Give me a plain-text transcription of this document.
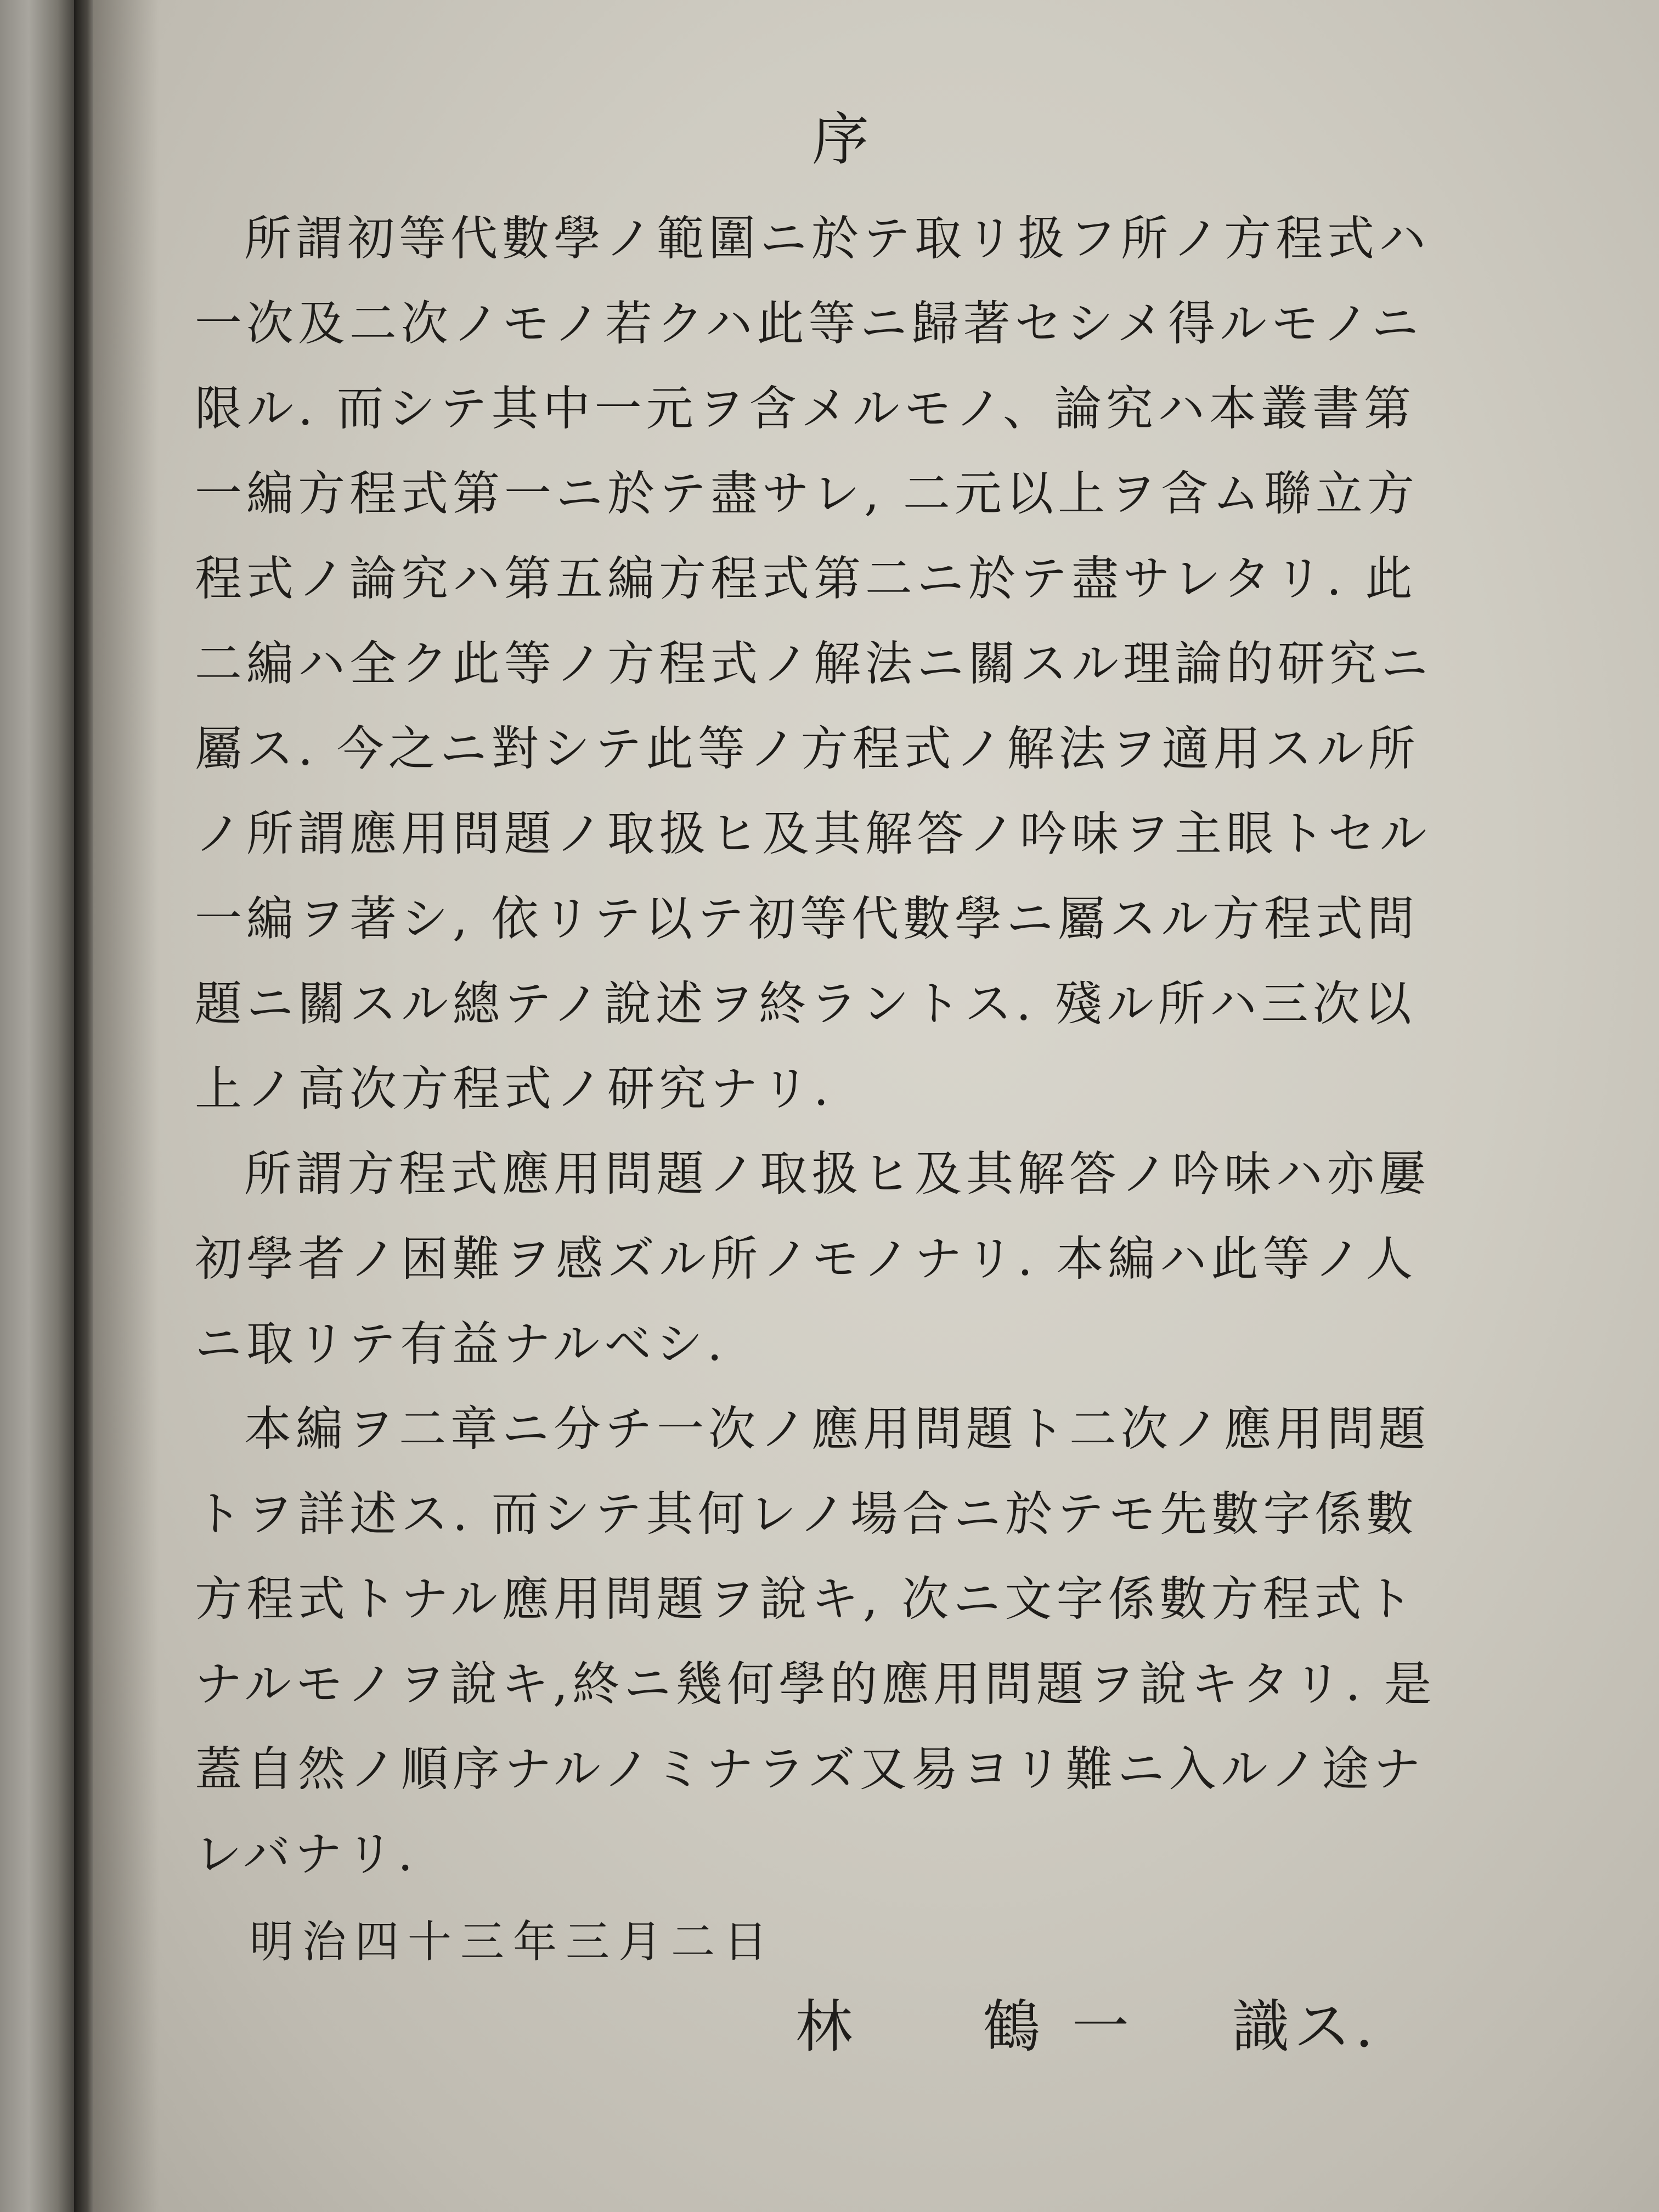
序
所謂初等代數學ノ範圍ニ於テ取リ扱フ所ノ方程式ハ
一次及二次ノモノ若クハ此等ニ歸著セシメ得ルモノニ
限ル. 而シテ其中一元ヲ含メルモノ、論究ハ本叢書第
一編方程式第一ニ於テ盡サレ, 二元以上ヲ含ム聯立方
程式ノ論究ハ第五編方程式第二ニ於テ盡サレタリ. 此
二編ハ全ク此等ノ方程式ノ解法ニ關スル理論的研究ニ
屬ス. 今之ニ對シテ此等ノ方程式ノ解法ヲ適用スル所
ノ所謂應用問題ノ取扱ヒ及其解答ノ吟味ヲ主眼トセル
一編ヲ著シ, 依リテ以テ初等代數學ニ屬スル方程式問
題ニ關スル總テノ說述ヲ終ラントス. 殘ル所ハ三次以
上ノ高次方程式ノ研究ナリ.
所謂方程式應用問題ノ取扱ヒ及其解答ノ吟味ハ亦屢
初學者ノ困難ヲ感ズル所ノモノナリ. 本編ハ此等ノ人
ニ取リテ有益ナルベシ.
本編ヲ二章ニ分チ一次ノ應用問題ト二次ノ應用問題
トヲ詳述ス. 而シテ其何レノ場合ニ於テモ先數字係數
方程式トナル應用問題ヲ說キ, 次ニ文字係數方程式ト
ナルモノヲ說キ,終ニ幾何學的應用問題ヲ說キタリ. 是
蓋自然ノ順序ナルノミナラズ又易ヨリ難ニ入ルノ途ナ
レバナリ.
明治四十三年三月二日
林 鶴 一 識ス.
